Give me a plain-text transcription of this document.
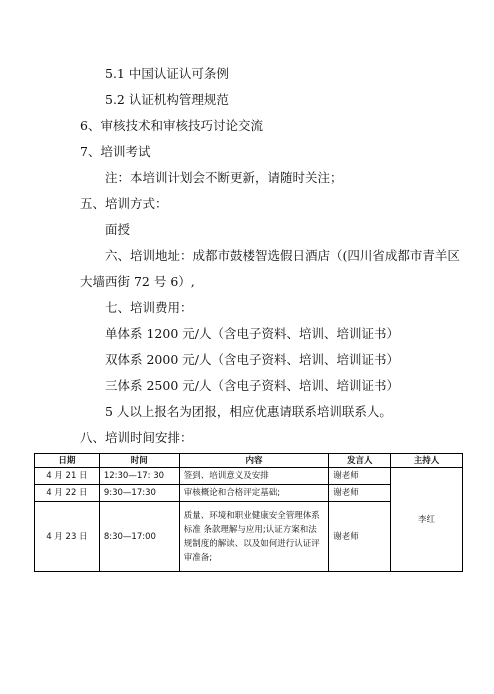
5.1 中国认证认可条例
5.2 认证机构管理规范
6、审核技术和审核技巧讨论交流
7、培训考试
注：本培训计划会不断更新，请随时关注；
五、培训方式：
面授
六、培训地址：成都市鼓楼智选假日酒店（(四川省成都市青羊区
大墙西街 72 号 6）,
七、培训费用：
单体系 1200 元/人（含电子资料、培训、培训证书）
双体系 2000 元/人（含电子资料、培训、培训证书）
三体系 2500 元/人（含电子资料、培训、培训证书）
5 人以上报名为团报，相应优惠请联系培训联系人。
八、培训时间安排：
日期	时间	内容	发言人	主持人
4 月 21 日	12:30—17: 30	签到、培训意义及安排	谢老师	李红
4 月 22 日	9:30—17:30	审核概论和合格评定基础;	谢老师	
4 月 23 日	8:30—17:00	质量、环境和职业健康安全管理体系标准 条款理解与应用;认证方案和法规制度的解读、以及如何进行认证评审准备;	谢老师	
